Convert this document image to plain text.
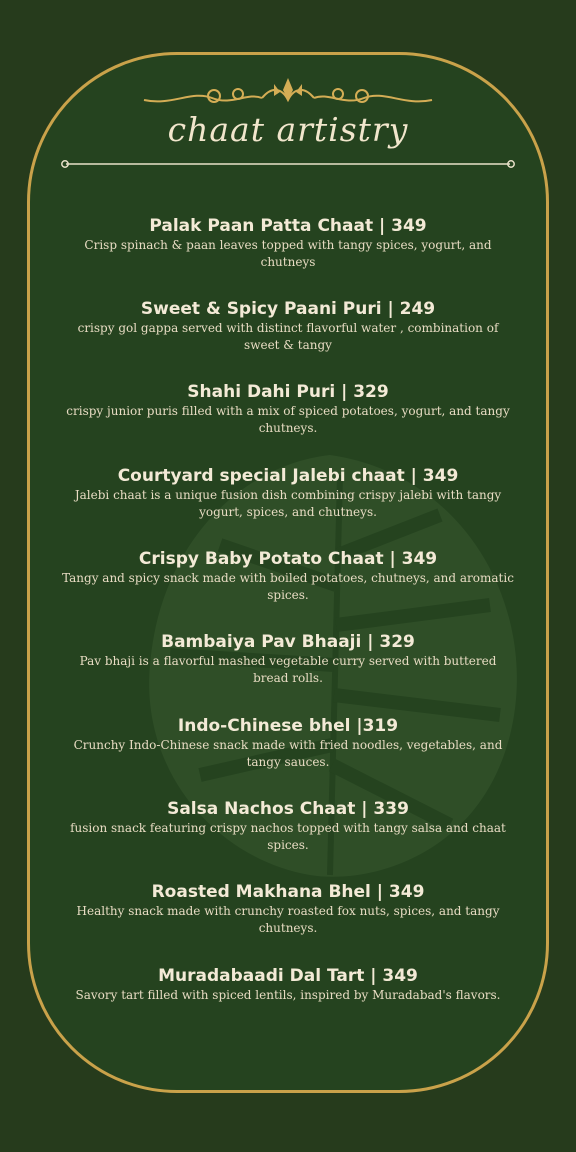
chaat artistry
Palak Paan Patta Chaat | 349
Crisp spinach & paan leaves topped with tangy spices, yogurt, and chutneys
Sweet & Spicy Paani Puri | 249
crispy gol gappa served with distinct flavorful water , combination of sweet & tangy
Shahi Dahi Puri | 329
crispy junior puris filled with a mix of spiced potatoes, yogurt, and tangy chutneys.
Courtyard special Jalebi chaat | 349
Jalebi chaat is a unique fusion dish combining crispy jalebi with tangy yogurt, spices, and chutneys.
Crispy Baby Potato Chaat | 349
Tangy and spicy snack made with boiled potatoes, chutneys, and aromatic spices.
Bambaiya Pav Bhaaji | 329
Pav bhaji is a flavorful mashed vegetable curry served with buttered bread rolls.
Indo-Chinese bhel |319
Crunchy Indo-Chinese snack made with fried noodles, vegetables, and tangy sauces.
Salsa Nachos Chaat | 339
fusion snack featuring crispy nachos topped with tangy salsa and chaat spices.
Roasted Makhana Bhel | 349
Healthy snack made with crunchy roasted fox nuts, spices, and tangy chutneys.
Muradabaadi Dal Tart | 349
Savory tart filled with spiced lentils, inspired by Muradabad's flavors.
